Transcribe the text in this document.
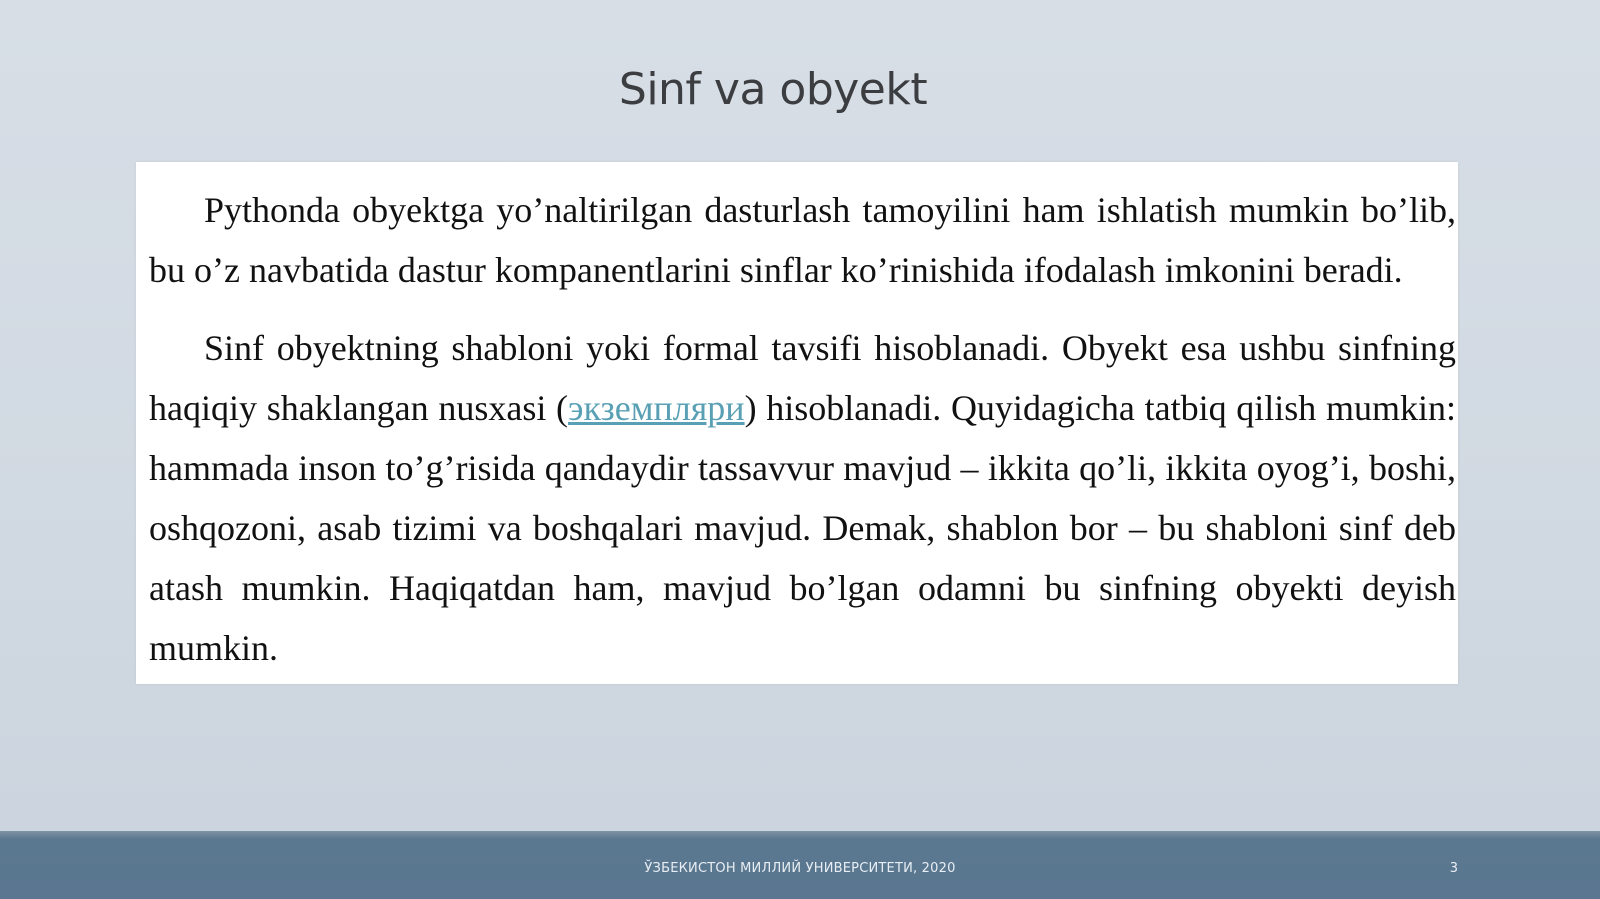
Sinf va obyekt

Pythonda obyektga yo’naltirilgan dasturlash tamoyilini ham ishlatish mumkin bo’lib, bu o’z navbatida dastur kompanentlarini sinflar ko’rinishida ifodalash imkonini beradi.

Sinf obyektning shabloni yoki formal tavsifi hisoblanadi. Obyekt esa ushbu sinfning haqiqiy shaklangan nusxasi (экземпляри) hisoblanadi. Quyidagicha tatbiq qilish mumkin: hammada inson to’g’risida qandaydir tassavvur mavjud – ikkita qo’li, ikkita oyog’i, boshi, oshqozoni, asab tizimi va boshqalari mavjud. Demak, shablon bor – bu shabloni sinf deb atash mumkin. Haqiqatdan ham, mavjud bo’lgan odamni bu sinfning obyekti deyish mumkin.

ЎЗБЕКИСТОН МИЛЛИЙ УНИВЕРСИТЕТИ, 2020	3
